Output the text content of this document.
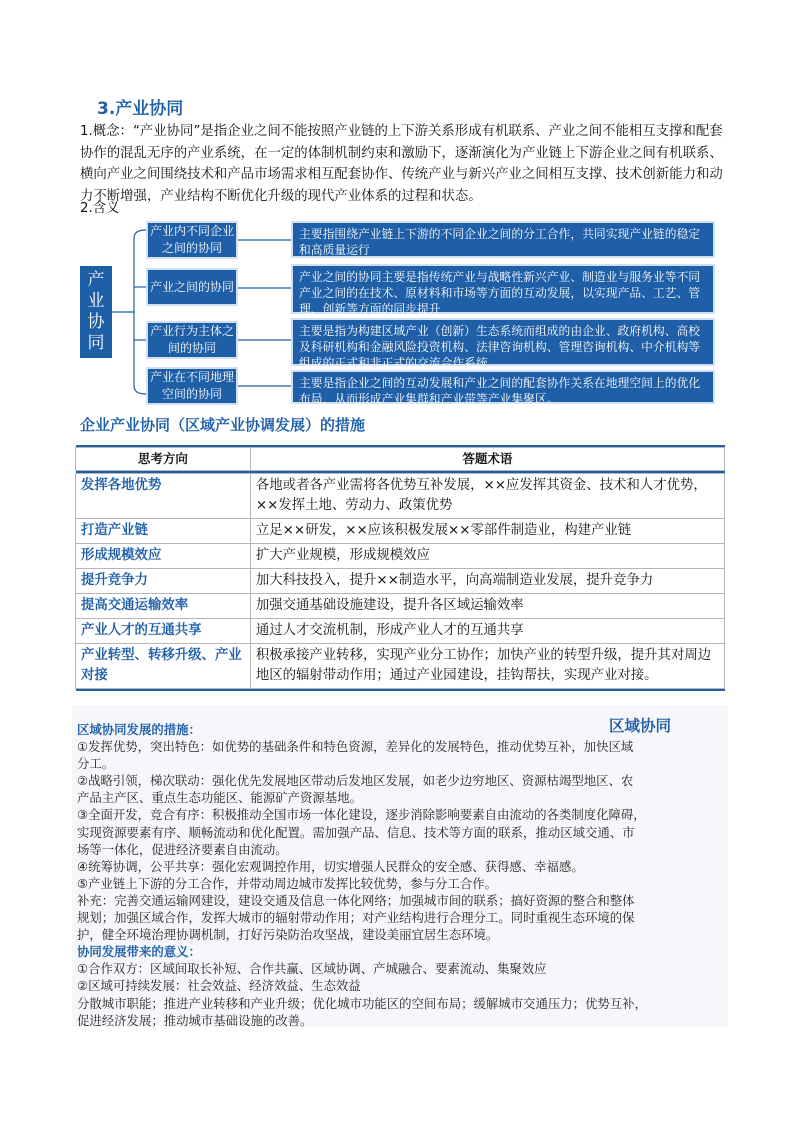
3.产业协同
1.概念：“产业协同”是指企业之间不能按照产业链的上下游关系形成有机联系、产业之间不能相互支撑和配套协作的混乱无序的产业系统，在一定的体制机制约束和激励下，逐渐演化为产业链上下游企业之间有机联系、横向产业之间围绕技术和产品市场需求相互配套协作、传统产业与新兴产业之间相互支撑、技术创新能力和动力不断增强，产业结构不断优化升级的现代产业体系的过程和状态。
2.含义
产业协同
产业内不同企业之间的协同
产业之间的协同
产业行为主体之间的协同
产业在不同地理空间的协同
主要指围绕产业链上下游的不同企业之间的分工合作，共同实现产业链的稳定和高质量运行
产业之间的协同主要是指传统产业与战略性新兴产业、制造业与服务业等不同产业之间的在技术、原材料和市场等方面的互动发展，以实现产品、工艺、管理、创新等方面的同步提升
主要是指为构建区域产业（创新）生态系统而组成的由企业、政府机构、高校及科研机构和金融风险投资机构、法律咨询机构、管理咨询机构、中介机构等组成的正式和非正式的交流合作系统
主要是指企业之间的互动发展和产业之间的配套协作关系在地理空间上的优化布局，从而形成产业集群和产业带等产业集聚区。
企业产业协同（区域产业协调发展）的措施

思考方向	答题术语

发挥各地优势	各地或者各产业需将各优势互补发展，××应发挥其资金、技术和人才优势，××发挥土地、劳动力、政策优势
打造产业链	立足××研发，××应该积极发展××零部件制造业，构建产业链
形成规模效应	扩大产业规模，形成规模效应
提升竞争力	加大科技投入，提升××制造水平，向高端制造业发展，提升竞争力
提高交通运输效率	加强交通基础设施建设，提升各区域运输效率
产业人才的互通共享	通过人才交流机制，形成产业人才的互通共享
产业转型、转移升级、产业对接	积极承接产业转移，实现产业分工协作；加快产业的转型升级，提升其对周边地区的辐射带动作用；通过产业园建设，挂钩帮扶，实现产业对接。

区域协同
区域协同发展的措施：
①发挥优势，突出特色：如优势的基础条件和特色资源，差异化的发展特色，推动优势互补，加快区域
分工。
②战略引领，梯次联动：强化优先发展地区带动后发地区发展，如老少边穷地区、资源枯竭型地区、农
产品主产区、重点生态功能区、能源矿产资源基地。
③全面开发，竞合有序：积极推动全国市场一体化建设，逐步消除影响要素自由流动的各类制度化障碍，
实现资源要素有序、顺畅流动和优化配置。需加强产品、信息、技术等方面的联系，推动区域交通、市
场等一体化，促进经济要素自由流动。
④统筹协调，公平共享：强化宏观调控作用，切实增强人民群众的安全感、获得感、幸福感。
⑤产业链上下游的分工合作，并带动周边城市发挥比较优势，参与分工合作。
补充：完善交通运输网建设，建设交通及信息一体化网络；加强城市间的联系；搞好资源的整合和整体
规划；加强区域合作，发挥大城市的辐射带动作用；对产业结构进行合理分工。同时重视生态环境的保
护，健全环境治理协调机制，打好污染防治攻坚战，建设美丽宜居生态环境。
协同发展带来的意义：
①合作双方：区域间取长补短、合作共赢、区域协调、产城融合、要素流动、集聚效应
②区域可持续发展：社会效益、经济效益、生态效益
分散城市职能；推进产业转移和产业升级；优化城市功能区的空间布局；缓解城市交通压力；优势互补，
促进经济发展；推动城市基础设施的改善。
